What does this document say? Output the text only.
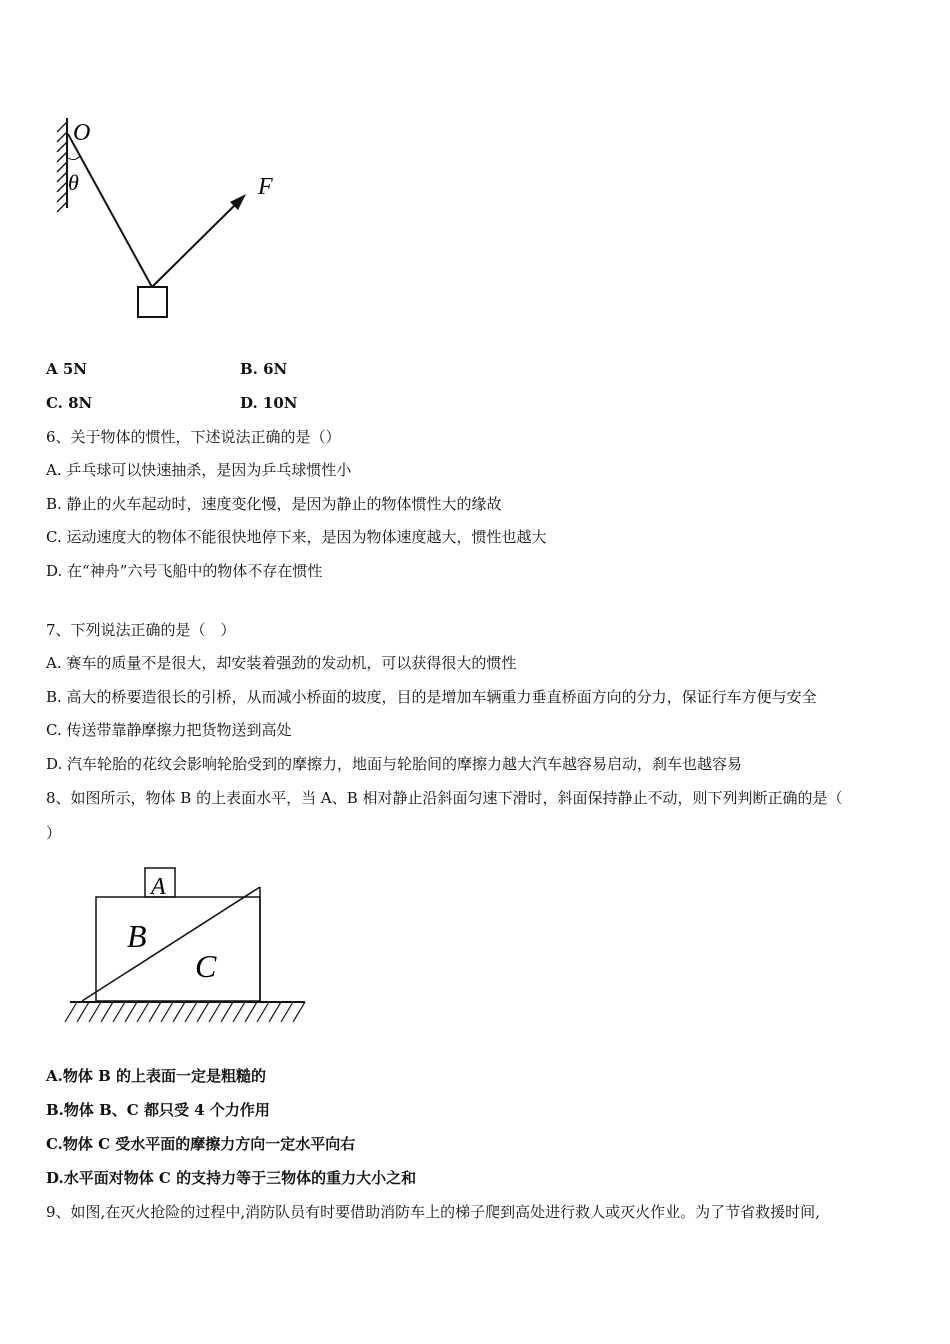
O
θ	F
A 5N	B. 6N
C. 8N	D. 10N
6、关于物体的惯性，下述说法正确的是（）
A. 乒乓球可以快速抽杀，是因为乒乓球惯性小
B. 静止的火车起动时，速度变化慢，是因为静止的物体惯性大的缘故
C. 运动速度大的物体不能很快地停下来，是因为物体速度越大，惯性也越大
D. 在“神舟”六号飞船中的物体不存在惯性
7、下列说法正确的是（　）
A. 赛车的质量不是很大，却安装着强劲的发动机，可以获得很大的惯性
B. 高大的桥要造很长的引桥，从而减小桥面的坡度，目的是增加车辆重力垂直桥面方向的分力，保证行车方便与安全
C. 传送带靠静摩擦力把货物送到高处
D. 汽车轮胎的花纹会影响轮胎受到的摩擦力，地面与轮胎间的摩擦力越大汽车越容易启动，刹车也越容易
8、如图所示，物体 B 的上表面水平，当 A、B 相对静止沿斜面匀速下滑时，斜面保持静止不动，则下列判断正确的是（
）
A
B
C
A.物体 B 的上表面一定是粗糙的
B.物体 B、C 都只受 4 个力作用
C.物体 C 受水平面的摩擦力方向一定水平向右
D.水平面对物体 C 的支持力等于三物体的重力大小之和
9、如图,在灭火抢险的过程中,消防队员有时要借助消防车上的梯子爬到高处进行救人或灭火作业。为了节省救援时间,
